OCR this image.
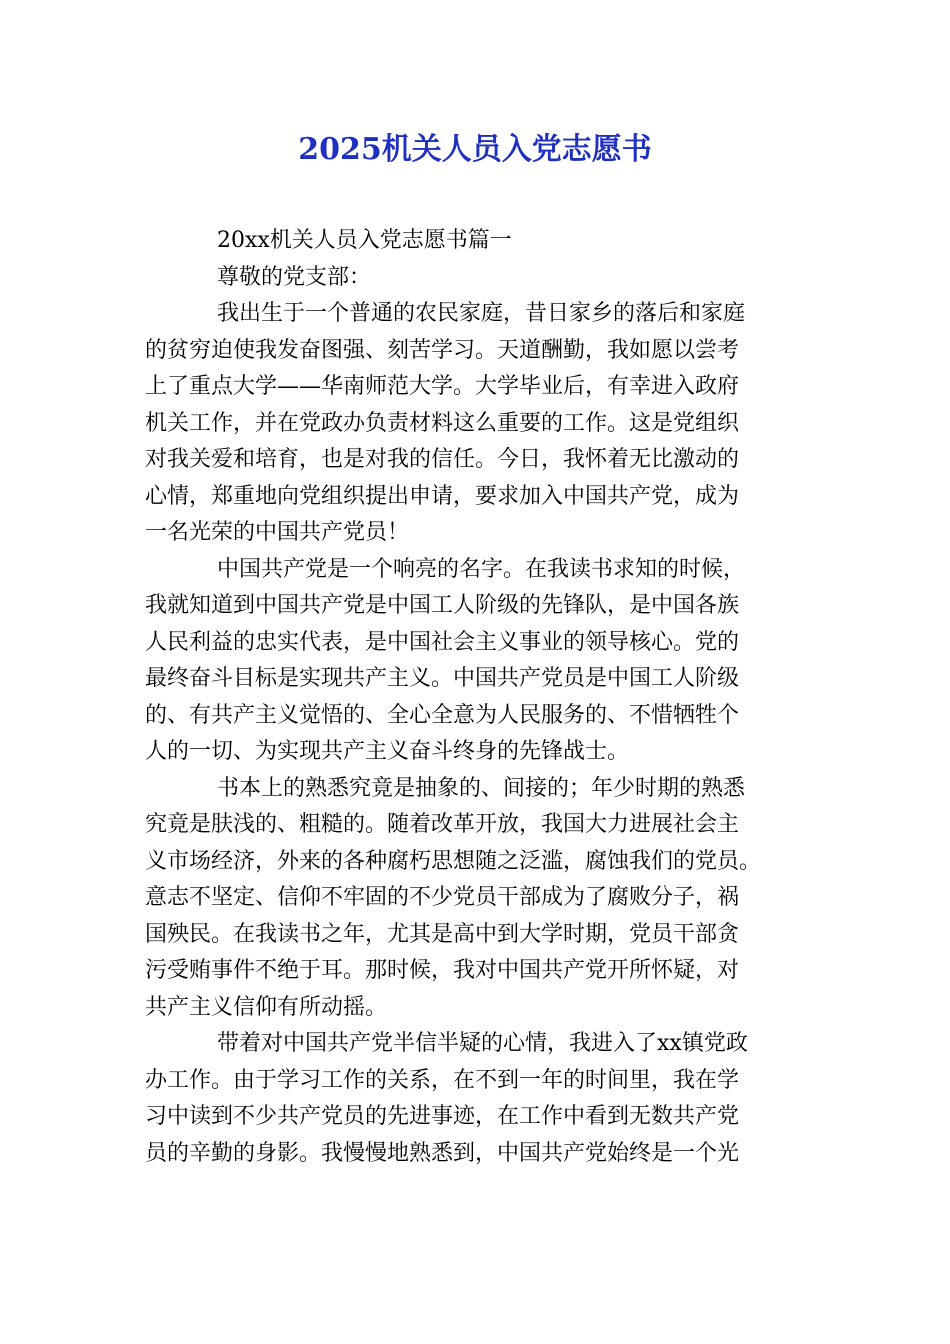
2025机关人员入党志愿书
20xx机关人员入党志愿书篇一
尊敬的党支部：
我出生于一个普通的农民家庭，昔日家乡的落后和家庭
的贫穷迫使我发奋图强、刻苦学习。天道酬勤，我如愿以尝考
上了重点大学——华南师范大学。大学毕业后，有幸进入政府
机关工作，并在党政办负责材料这么重要的工作。这是党组织
对我关爱和培育，也是对我的信任。今日，我怀着无比激动的
心情，郑重地向党组织提出申请，要求加入中国共产党，成为
一名光荣的中国共产党员！
中国共产党是一个响亮的名字。在我读书求知的时候，
我就知道到中国共产党是中国工人阶级的先锋队，是中国各族
人民利益的忠实代表，是中国社会主义事业的领导核心。党的
最终奋斗目标是实现共产主义。中国共产党员是中国工人阶级
的、有共产主义觉悟的、全心全意为人民服务的、不惜牺牲个
人的一切、为实现共产主义奋斗终身的先锋战士。
书本上的熟悉究竟是抽象的、间接的；年少时期的熟悉
究竟是肤浅的、粗糙的。随着改革开放，我国大力进展社会主
义市场经济，外来的各种腐朽思想随之泛滥，腐蚀我们的党员。
意志不坚定、信仰不牢固的不少党员干部成为了腐败分子，祸
国殃民。在我读书之年，尤其是高中到大学时期，党员干部贪
污受贿事件不绝于耳。那时候，我对中国共产党开所怀疑，对
共产主义信仰有所动摇。
带着对中国共产党半信半疑的心情，我进入了xx镇党政
办工作。由于学习工作的关系，在不到一年的时间里，我在学
习中读到不少共产党员的先进事迹，在工作中看到无数共产党
员的辛勤的身影。我慢慢地熟悉到，中国共产党始终是一个光
